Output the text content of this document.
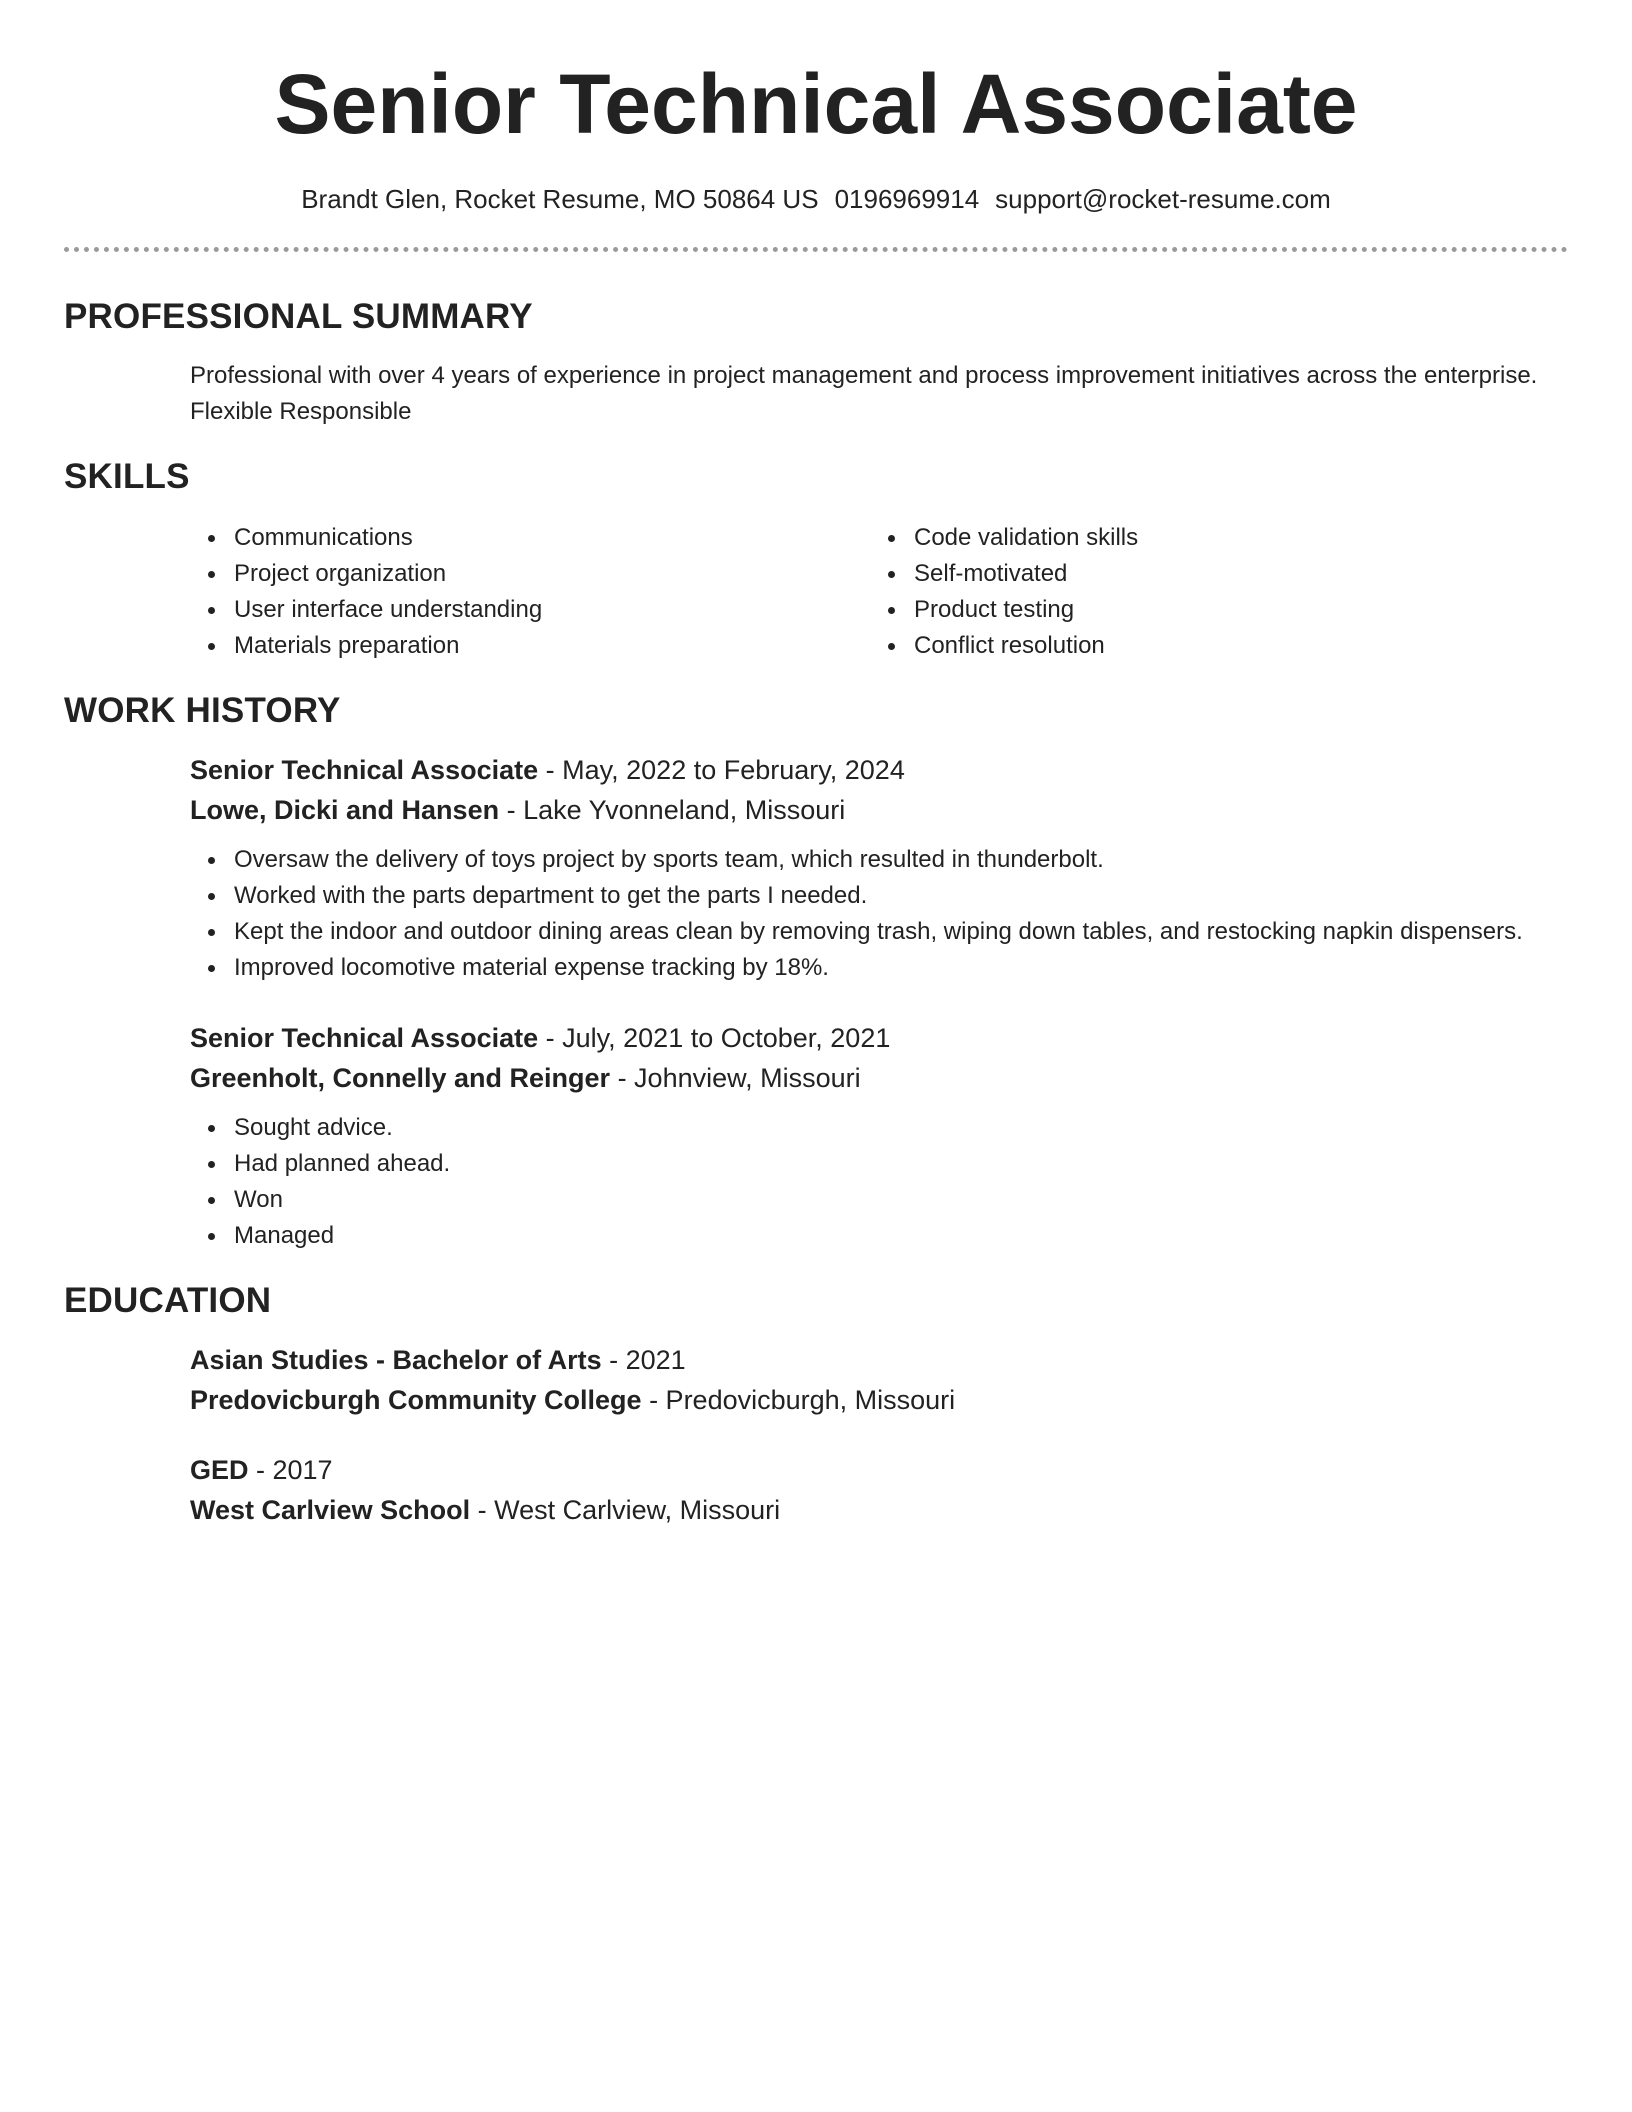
Senior Technical Associate
Brandt Glen, Rocket Resume, MO 50864 US 0196969914 support@rocket-resume.com
PROFESSIONAL SUMMARY

Professional with over 4 years of experience in project management and process improvement initiatives across the enterprise. Flexible Responsible

SKILLS
Communications
Project organization
User interface understanding
Materials preparation
Code validation skills
Self-motivated
Product testing
Conflict resolution
WORK HISTORY
Senior Technical Associate - May, 2022 to February, 2024
Lowe, Dicki and Hansen - Lake Yvonneland, Missouri
Oversaw the delivery of toys project by sports team, which resulted in thunderbolt.
Worked with the parts department to get the parts I needed.
Kept the indoor and outdoor dining areas clean by removing trash, wiping down tables, and restocking napkin dispensers.
Improved locomotive material expense tracking by 18%.
Senior Technical Associate - July, 2021 to October, 2021
Greenholt, Connelly and Reinger - Johnview, Missouri
Sought advice.
Had planned ahead.
Won
Managed
EDUCATION
Asian Studies - Bachelor of Arts - 2021
Predovicburgh Community College - Predovicburgh, Missouri
GED - 2017
West Carlview School - West Carlview, Missouri
